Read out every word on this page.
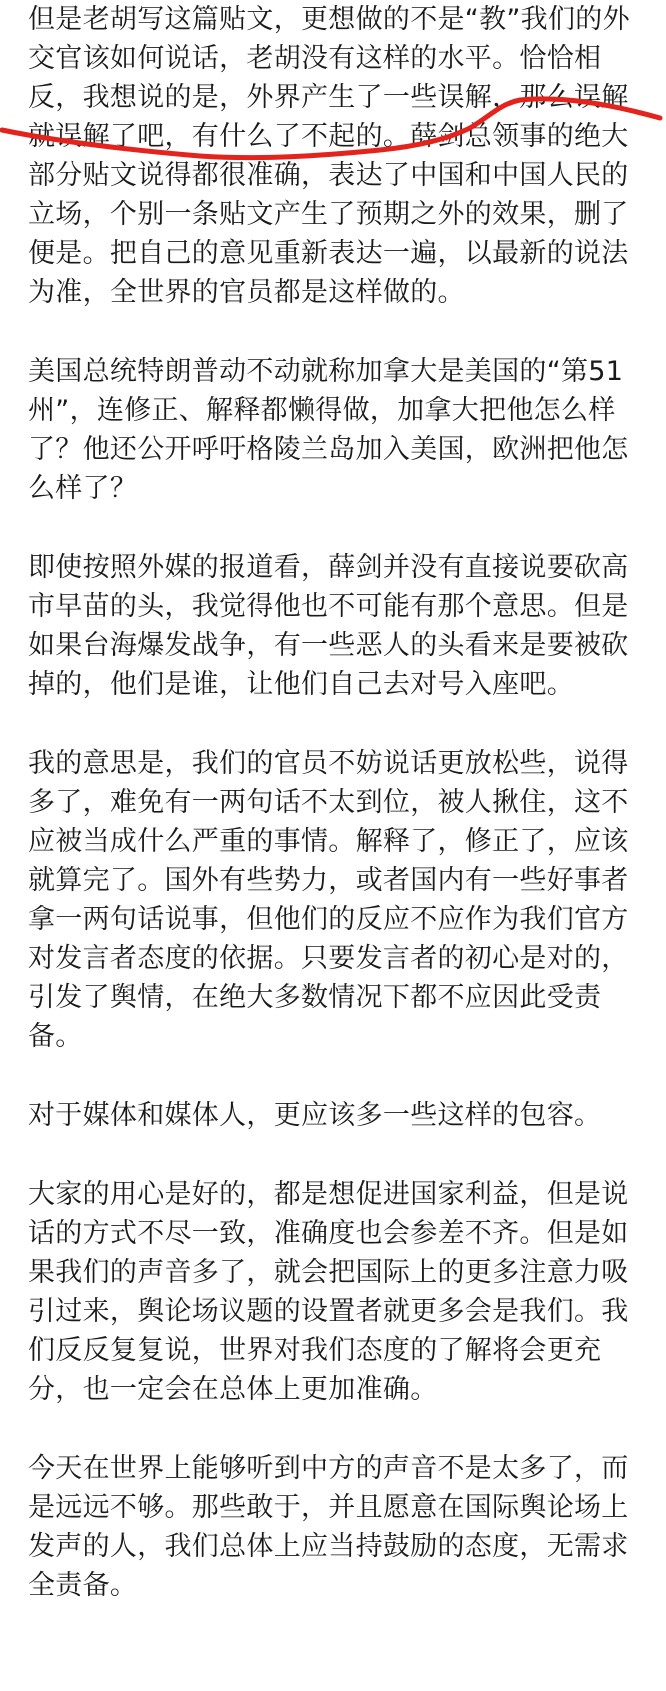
但是老胡写这篇贴文，更想做的不是“教”我们的外
交官该如何说话，老胡没有这样的水平。恰恰相
反，我想说的是，外界产生了一些误解，那么误解
就误解了吧，有什么了不起的。薛剑总领事的绝大
部分贴文说得都很准确，表达了中国和中国人民的
立场，个别一条贴文产生了预期之外的效果，删了
便是。把自己的意见重新表达一遍，以最新的说法
为准，全世界的官员都是这样做的。
美国总统特朗普动不动就称加拿大是美国的“第51
州”，连修正、解释都懒得做，加拿大把他怎么样
了？他还公开呼吁格陵兰岛加入美国，欧洲把他怎
么样了？
即使按照外媒的报道看，薛剑并没有直接说要砍高
市早苗的头，我觉得他也不可能有那个意思。但是
如果台海爆发战争，有一些恶人的头看来是要被砍
掉的，他们是谁，让他们自己去对号入座吧。
我的意思是，我们的官员不妨说话更放松些，说得
多了，难免有一两句话不太到位，被人揪住，这不
应被当成什么严重的事情。解释了，修正了，应该
就算完了。国外有些势力，或者国内有一些好事者
拿一两句话说事，但他们的反应不应作为我们官方
对发言者态度的依据。只要发言者的初心是对的，
引发了舆情，在绝大多数情况下都不应因此受责
备。
对于媒体和媒体人，更应该多一些这样的包容。
大家的用心是好的，都是想促进国家利益，但是说
话的方式不尽一致，准确度也会参差不齐。但是如
果我们的声音多了，就会把国际上的更多注意力吸
引过来，舆论场议题的设置者就更多会是我们。我
们反反复复说，世界对我们态度的了解将会更充
分，也一定会在总体上更加准确。
今天在世界上能够听到中方的声音不是太多了，而
是远远不够。那些敢于，并且愿意在国际舆论场上
发声的人，我们总体上应当持鼓励的态度，无需求
全责备。
